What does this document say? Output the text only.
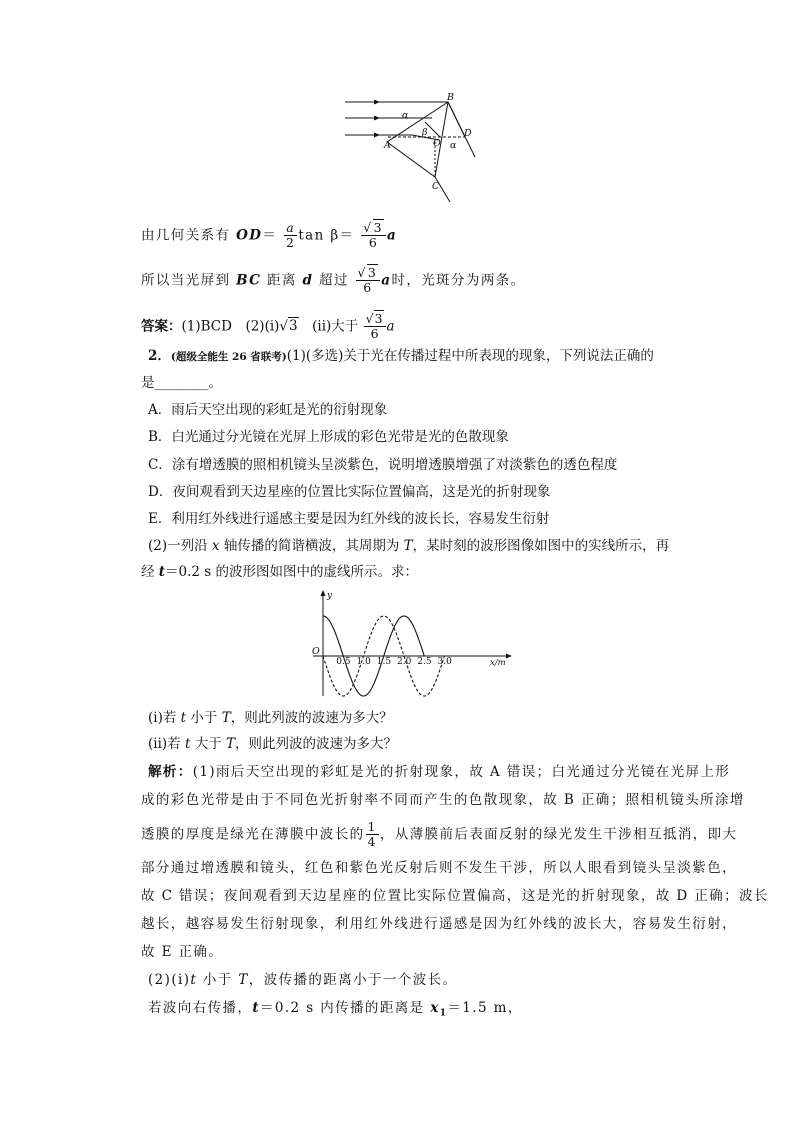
B
A	O
C
D
α
α
β
由几何关系有 $OD= \frac{a}{2}$ $\tan \beta= \frac{√3}{6}$ a
所以当光屏到 BC 距离 d 超过 $\frac{√3}{6}$ a时，光斑分为两条。
答案：(1)BCD　(2)(ⅰ)√3　(ⅱ)大于 $\frac{√3}{6}$ a
2．(超级全能生 26 省联考)(1)(多选)关于光在传播过程中所表现的现象，下列说法正确的
是________。
A．雨后天空出现的彩虹是光的衍射现象
B．白光通过分光镜在光屏上形成的彩色光带是光的色散现象
C．涂有增透膜的照相机镜头呈淡紫色，说明增透膜增强了对淡紫色的透色程度
D．夜间观看到天边星座的位置比实际位置偏高，这是光的折射现象
E．利用红外线进行遥感主要是因为红外线的波长长，容易发生衍射
(2)一列沿 x 轴传播的简谐横波，其周期为 T，某时刻的波形图像如图中的实线所示，再
经 t＝0.2 s 的波形图如图中的虚线所示。求：
y
O
x/m
0.5 1.0 1.5 2.0 2.5 3.0
(ⅰ)若 t 小于 T，则此列波的波速为多大？
(ⅱ)若 t 大于 T，则此列波的波速为多大？
解析：(1)雨后天空出现的彩虹是光的折射现象，故 A 错误；白光通过分光镜在光屏上形
成的彩色光带是由于不同色光折射率不同而产生的色散现象，故 B 正确；照相机镜头所涂增
透膜的厚度是绿光在薄膜中波长的 $\frac{1}{4}$ ，从薄膜前后表面反射的绿光发生干涉相互抵消，即大
部分通过增透膜和镜头，红色和紫色光反射后则不发生干涉，所以人眼看到镜头呈淡紫色，
故 C 错误；夜间观看到天边星座的位置比实际位置偏高，这是光的折射现象，故 D 正确；波长
越长，越容易发生衍射现象，利用红外线进行遥感是因为红外线的波长大，容易发生衍射，
故 E 正确。
(2)(ⅰ)t 小于 T，波传播的距离小于一个波长。
若波向右传播，t＝0.2 s 内传播的距离是 $x_1=1.5$ m，
